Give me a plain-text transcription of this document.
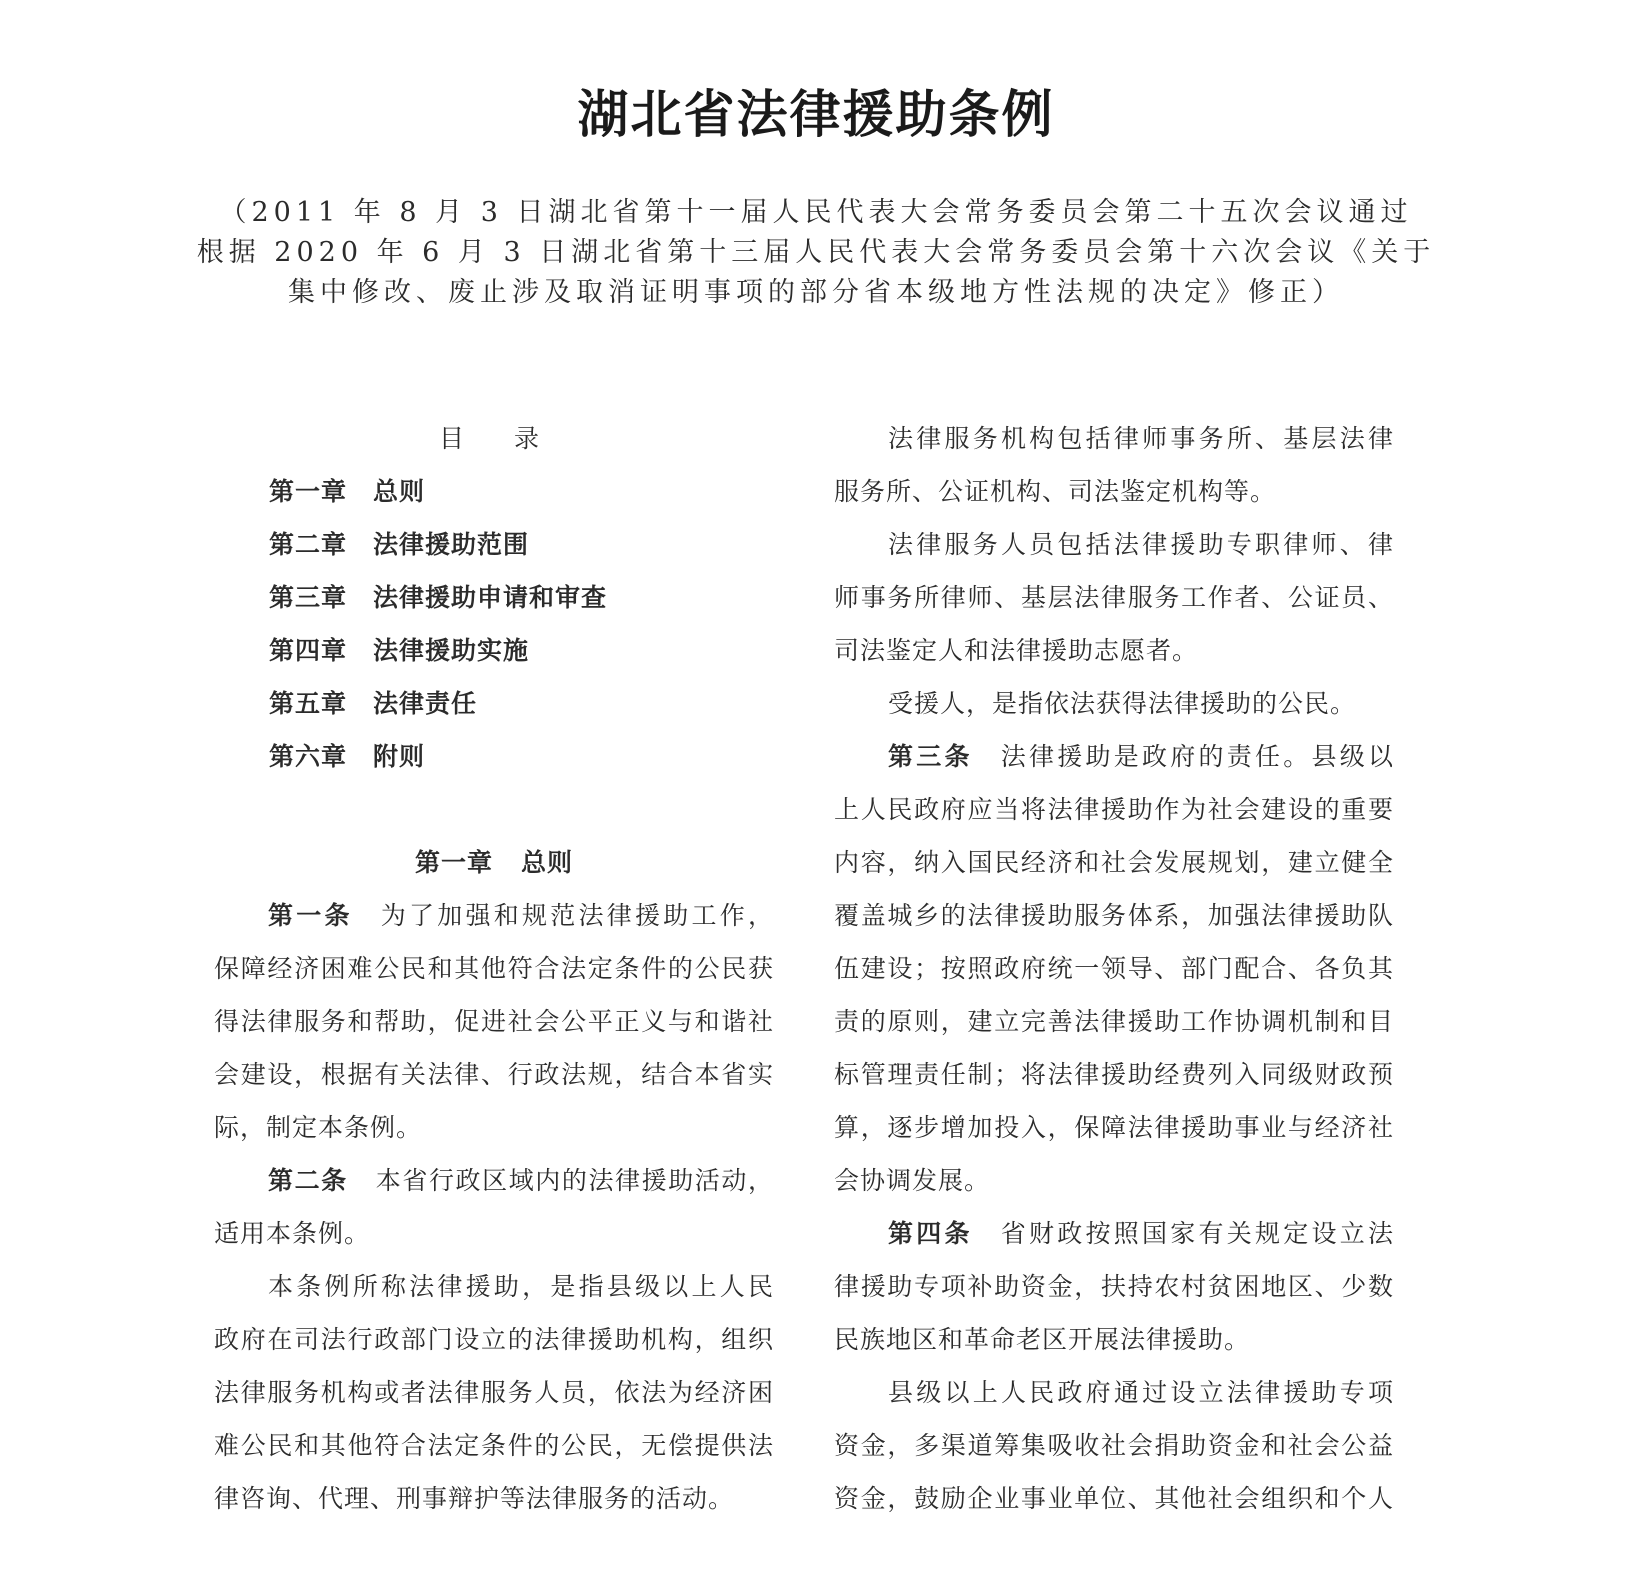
湖北省法律援助条例
（2011 年 8 月 3 日湖北省第十一届人民代表大会常务委员会第二十五次会议通过
根据 2020 年 6 月 3 日湖北省第十三届人民代表大会常务委员会第十六次会议《关于
集中修改、废止涉及取消证明事项的部分省本级地方性法规的决定》修正）
目录
第一章 总则
第二章 法律援助范围
第三章 法律援助申请和审查
第四章 法律援助实施
第五章 法律责任
第六章 附则
第一章 总则
第一条 为了加强和规范法律援助工作，
保障经济困难公民和其他符合法定条件的公民获
得法律服务和帮助，促进社会公平正义与和谐社
会建设，根据有关法律、行政法规，结合本省实
际，制定本条例。
第二条 本省行政区域内的法律援助活动，
适用本条例。
本条例所称法律援助，是指县级以上人民
政府在司法行政部门设立的法律援助机构，组织
法律服务机构或者法律服务人员，依法为经济困
难公民和其他符合法定条件的公民，无偿提供法
律咨询、代理、刑事辩护等法律服务的活动。
法律服务机构包括律师事务所、基层法律
服务所、公证机构、司法鉴定机构等。
法律服务人员包括法律援助专职律师、律
师事务所律师、基层法律服务工作者、公证员、
司法鉴定人和法律援助志愿者。
受援人，是指依法获得法律援助的公民。
第三条 法律援助是政府的责任。县级以
上人民政府应当将法律援助作为社会建设的重要
内容，纳入国民经济和社会发展规划，建立健全
覆盖城乡的法律援助服务体系，加强法律援助队
伍建设；按照政府统一领导、部门配合、各负其
责的原则，建立完善法律援助工作协调机制和目
标管理责任制；将法律援助经费列入同级财政预
算，逐步增加投入，保障法律援助事业与经济社
会协调发展。
第四条 省财政按照国家有关规定设立法
律援助专项补助资金，扶持农村贫困地区、少数
民族地区和革命老区开展法律援助。
县级以上人民政府通过设立法律援助专项
资金，多渠道筹集吸收社会捐助资金和社会公益
资金，鼓励企业事业单位、其他社会组织和个人
